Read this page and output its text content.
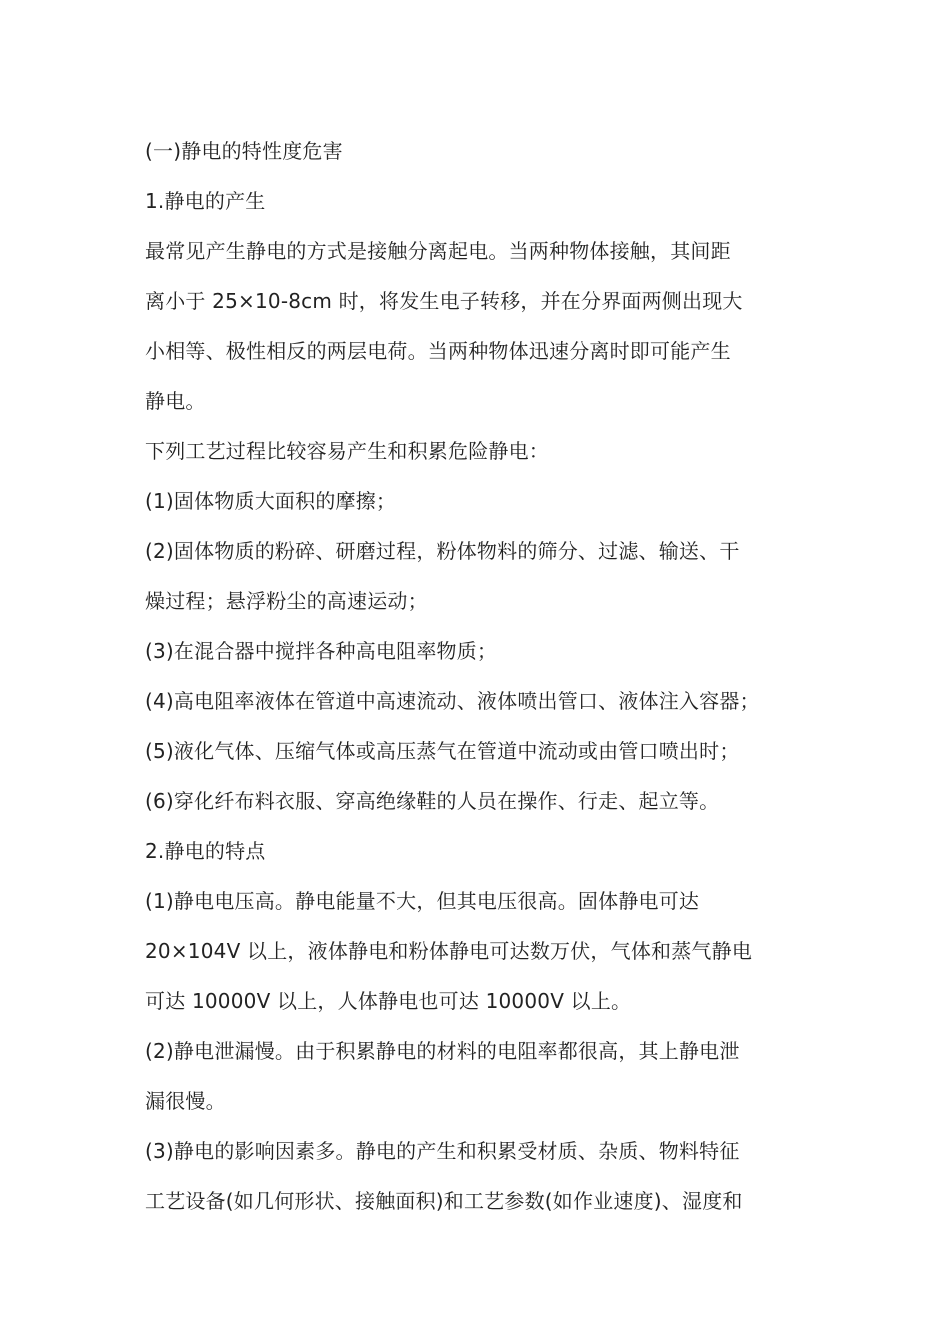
(一)静电的特性度危害
1.静电的产生
最常见产生静电的方式是接触分离起电。当两种物体接触，其间距
离小于 25×10-8cm 时，将发生电子转移，并在分界面两侧出现大
小相等、极性相反的两层电荷。当两种物体迅速分离时即可能产生
静电。
下列工艺过程比较容易产生和积累危险静电：
(1)固体物质大面积的摩擦；
(2)固体物质的粉碎、研磨过程，粉体物料的筛分、过滤、输送、干
燥过程；悬浮粉尘的高速运动；
(3)在混合器中搅拌各种高电阻率物质；
(4)高电阻率液体在管道中高速流动、液体喷出管口、液体注入容器；
(5)液化气体、压缩气体或高压蒸气在管道中流动或由管口喷出时；
(6)穿化纤布料衣服、穿高绝缘鞋的人员在操作、行走、起立等。
2.静电的特点
(1)静电电压高。静电能量不大，但其电压很高。固体静电可达
20×104V 以上，液体静电和粉体静电可达数万伏，气体和蒸气静电
可达 10000V 以上，人体静电也可达 10000V 以上。
(2)静电泄漏慢。由于积累静电的材料的电阻率都很高，其上静电泄
漏很慢。
(3)静电的影响因素多。静电的产生和积累受材质、杂质、物料特征
工艺设备(如几何形状、接触面积)和工艺参数(如作业速度)、湿度和
